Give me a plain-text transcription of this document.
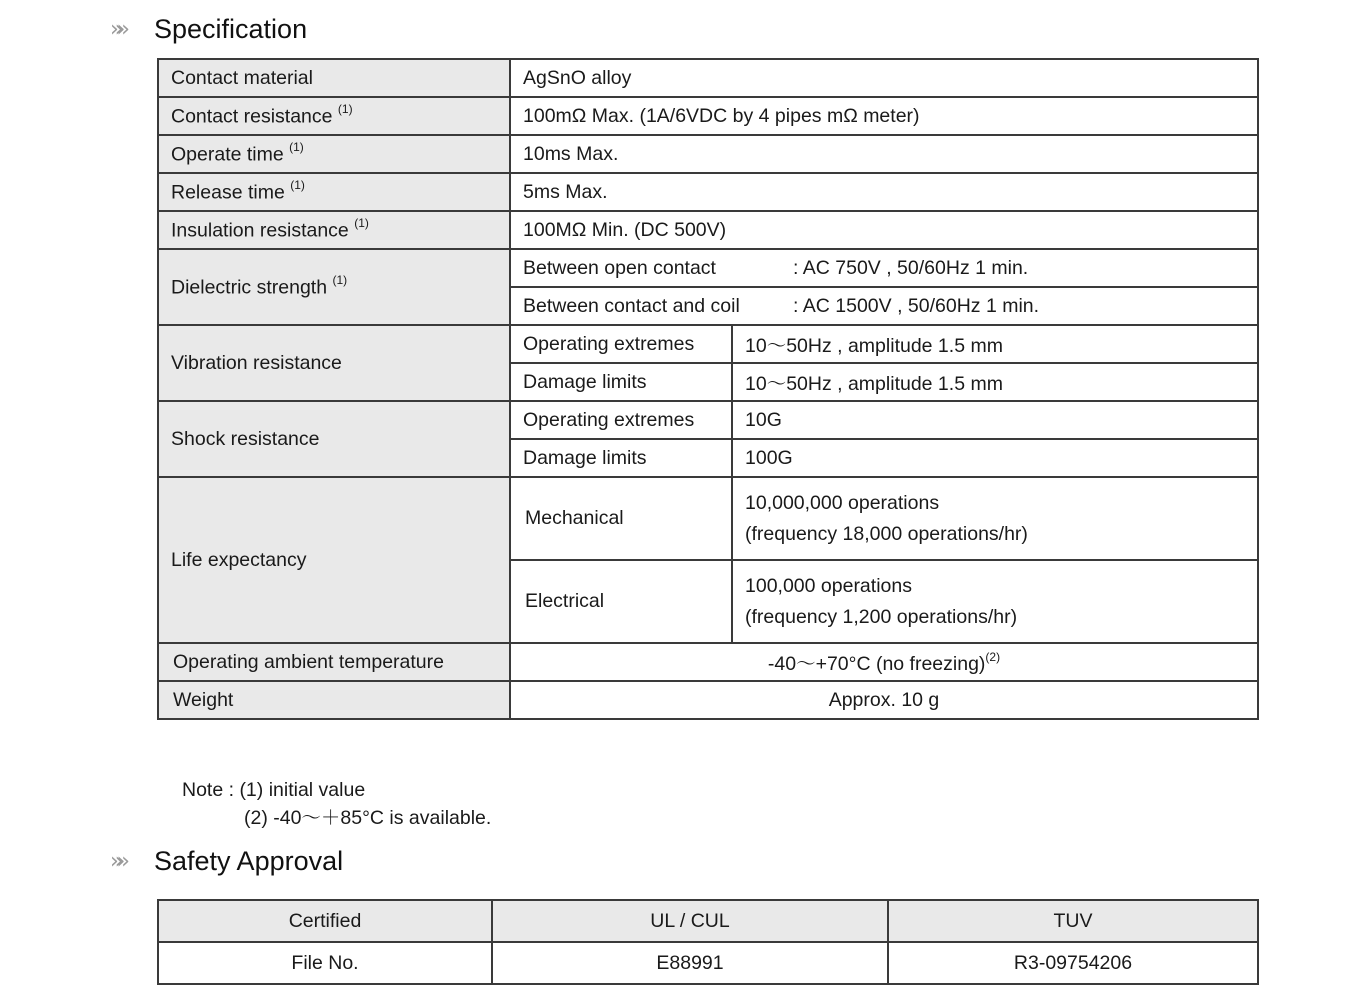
»»	Specification
Contact material	AgSnO alloy	
Contact resistance $^{(1)}$	100mΩ Max. (1A/6VDC by 4 pipes mΩ meter)	
Operate time $^{(1)}$	10ms Max.	
Release time $^{(1)}$	5ms Max.	
Insulation resistance $^{(1)}$	100MΩ Min. (DC 500V)	
Dielectric strength $^{(1)}$	Between open contact : AC 750V , 50/60Hz 1 min.	

	Between contact and coil : AC 1500V , 50/60Hz 1 min.	

Vibration resistance	Operating extremes	10～50Hz , amplitude 1.5 mm
	Damage limits	10～50Hz , amplitude 1.5 mm
Shock resistance	Operating extremes	10G
	Damage limits	100G
Life expectancy	Mechanical	10,000,000 operations
(frequency 18,000 operations/hr)

	Electrical	100,000 operations
(frequency 1,200 operations/hr)

Operating ambient temperature	-40～+70°C (no freezing)$^{(2)}$
Weight	Approx. 10 g	
Note : (1) initial value
(2) -40～＋85°C is available.
»»	Safety Approval
Certified	UL / CUL	TUV
File No.	E88991	R3-09754206
